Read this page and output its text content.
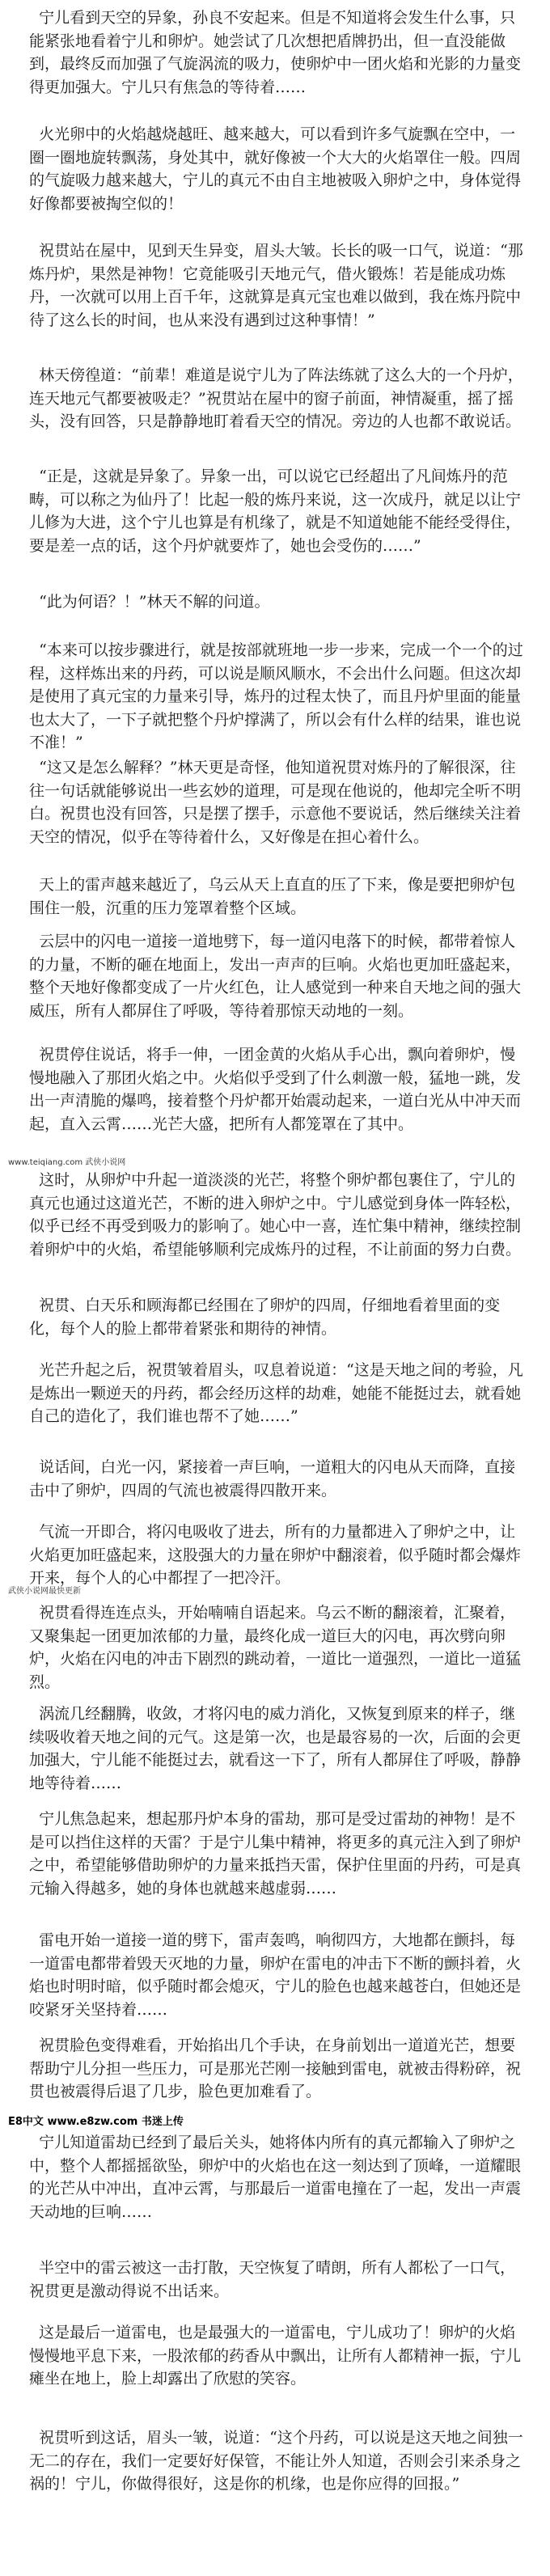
宁儿看到天空的异象，孙良不安起来。但是不知道将会发生什么事，只能紧张地看着宁儿和卵炉。她尝试了几次想把盾牌扔出，但一直没能做到，最终反而加强了气旋涡流的吸力，使卵炉中一团火焰和光影的力量变得更加强大。宁儿只有焦急的等待着……

火光卵中的火焰越烧越旺、越来越大，可以看到许多气旋飘在空中，一圈一圈地旋转飘荡，身处其中，就好像被一个大大的火焰罩住一般。四周的气旋吸力越来越大，宁儿的真元不由自主地被吸入卵炉之中，身体觉得好像都要被掏空似的！

祝贯站在屋中，见到天生异变，眉头大皱。长长的吸一口气，说道：“那炼丹炉，果然是神物！它竟能吸引天地元气，借火锻炼！若是能成功炼丹，一次就可以用上百千年，这就算是真元宝也难以做到，我在炼丹院中待了这么长的时间，也从来没有遇到过这种事情！”

林天傍徨道：“前辈！难道是说宁儿为了阵法练就了这么大的一个丹炉，连天地元气都要被吸走？”祝贯站在屋中的窗子前面，神情凝重，摇了摇头，没有回答，只是静静地盯着看天空的情况。旁边的人也都不敢说话。

“正是，这就是异象了。异象一出，可以说它已经超出了凡间炼丹的范畴，可以称之为仙丹了！比起一般的炼丹来说，这一次成丹，就足以让宁儿修为大进，这个宁儿也算是有机缘了，就是不知道她能不能经受得住，要是差一点的话，这个丹炉就要炸了，她也会受伤的……”

“此为何语？！”林天不解的问道。

“本来可以按步骤进行，就是按部就班地一步一步来，完成一个一个的过程，这样炼出来的丹药，可以说是顺风顺水，不会出什么问题。但这次却是使用了真元宝的力量来引导，炼丹的过程太快了，而且丹炉里面的能量也太大了，一下子就把整个丹炉撑满了，所以会有什么样的结果，谁也说不准！”

“这又是怎么解释？”林天更是奇怪，他知道祝贯对炼丹的了解很深，往往一句话就能够说出一些玄妙的道理，可是现在他说的，他却完全听不明白。祝贯也没有回答，只是摆了摆手，示意他不要说话，然后继续关注着天空的情况，似乎在等待着什么，又好像是在担心着什么。

天上的雷声越来越近了，乌云从天上直直的压了下来，像是要把卵炉包围住一般，沉重的压力笼罩着整个区域。

云层中的闪电一道接一道地劈下，每一道闪电落下的时候，都带着惊人的力量，不断的砸在地面上，发出一声声的巨响。火焰也更加旺盛起来，整个天地好像都变成了一片火红色，让人感觉到一种来自天地之间的强大威压，所有人都屏住了呼吸，等待着那惊天动地的一刻。

祝贯停住说话，将手一伸，一团金黄的火焰从手心出，飘向着卵炉，慢慢地融入了那团火焰之中。火焰似乎受到了什么刺激一般，猛地一跳，发出一声清脆的爆鸣，接着整个丹炉都开始震动起来，一道白光从中冲天而起，直入云霄……光芒大盛，把所有人都笼罩在了其中。

www.teiqiang.com 武侠小说网

这时，从卵炉中升起一道淡淡的光芒，将整个卵炉都包裹住了，宁儿的真元也通过这道光芒，不断的进入卵炉之中。宁儿感觉到身体一阵轻松，似乎已经不再受到吸力的影响了。她心中一喜，连忙集中精神，继续控制着卵炉中的火焰，希望能够顺利完成炼丹的过程，不让前面的努力白费。

祝贯、白天乐和顾海都已经围在了卵炉的四周，仔细地看着里面的变化，每个人的脸上都带着紧张和期待的神情。

光芒升起之后，祝贯皱着眉头，叹息着说道：“这是天地之间的考验，凡是炼出一颗逆天的丹药，都会经历这样的劫难，她能不能挺过去，就看她自己的造化了，我们谁也帮不了她……”

说话间，白光一闪，紧接着一声巨响，一道粗大的闪电从天而降，直接击中了卵炉，四周的气流也被震得四散开来。

气流一开即合，将闪电吸收了进去，所有的力量都进入了卵炉之中，让火焰更加旺盛起来，这股强大的力量在卵炉中翻滚着，似乎随时都会爆炸开来，每个人的心中都捏了一把冷汗。

武侠小说网最快更新

祝贯看得连连点头，开始喃喃自语起来。乌云不断的翻滚着，汇聚着，又聚集起一团更加浓郁的力量，最终化成一道巨大的闪电，再次劈向卵炉，火焰在闪电的冲击下剧烈的跳动着，一道比一道强烈，一道比一道猛烈。

涡流几经翻腾，收敛，才将闪电的威力消化，又恢复到原来的样子，继续吸收着天地之间的元气。这是第一次，也是最容易的一次，后面的会更加强大，宁儿能不能挺过去，就看这一下了，所有人都屏住了呼吸，静静地等待着……

宁儿焦急起来，想起那丹炉本身的雷劫，那可是受过雷劫的神物！是不是可以挡住这样的天雷？于是宁儿集中精神，将更多的真元注入到了卵炉之中，希望能够借助卵炉的力量来抵挡天雷，保护住里面的丹药，可是真元输入得越多，她的身体也就越来越虚弱……

雷电开始一道接一道的劈下，雷声轰鸣，响彻四方，大地都在颤抖，每一道雷电都带着毁天灭地的力量，卵炉在雷电的冲击下不断的颤抖着，火焰也时明时暗，似乎随时都会熄灭，宁儿的脸色也越来越苍白，但她还是咬紧牙关坚持着……

祝贯脸色变得难看，开始掐出几个手诀，在身前划出一道道光芒，想要帮助宁儿分担一些压力，可是那光芒刚一接触到雷电，就被击得粉碎，祝贯也被震得后退了几步，脸色更加难看了。

E8中文 www.e8zw.com 书迷上传

宁儿知道雷劫已经到了最后关头，她将体内所有的真元都输入了卵炉之中，整个人都摇摇欲坠，卵炉中的火焰也在这一刻达到了顶峰，一道耀眼的光芒从中冲出，直冲云霄，与那最后一道雷电撞在了一起，发出一声震天动地的巨响……

半空中的雷云被这一击打散，天空恢复了晴朗，所有人都松了一口气，祝贯更是激动得说不出话来。

这是最后一道雷电，也是最强大的一道雷电，宁儿成功了！卵炉的火焰慢慢地平息下来，一股浓郁的药香从中飘出，让所有人都精神一振，宁儿瘫坐在地上，脸上却露出了欣慰的笑容。

祝贯听到这话，眉头一皱，说道：“这个丹药，可以说是这天地之间独一无二的存在，我们一定要好好保管，不能让外人知道，否则会引来杀身之祸的！宁儿，你做得很好，这是你的机缘，也是你应得的回报。”
